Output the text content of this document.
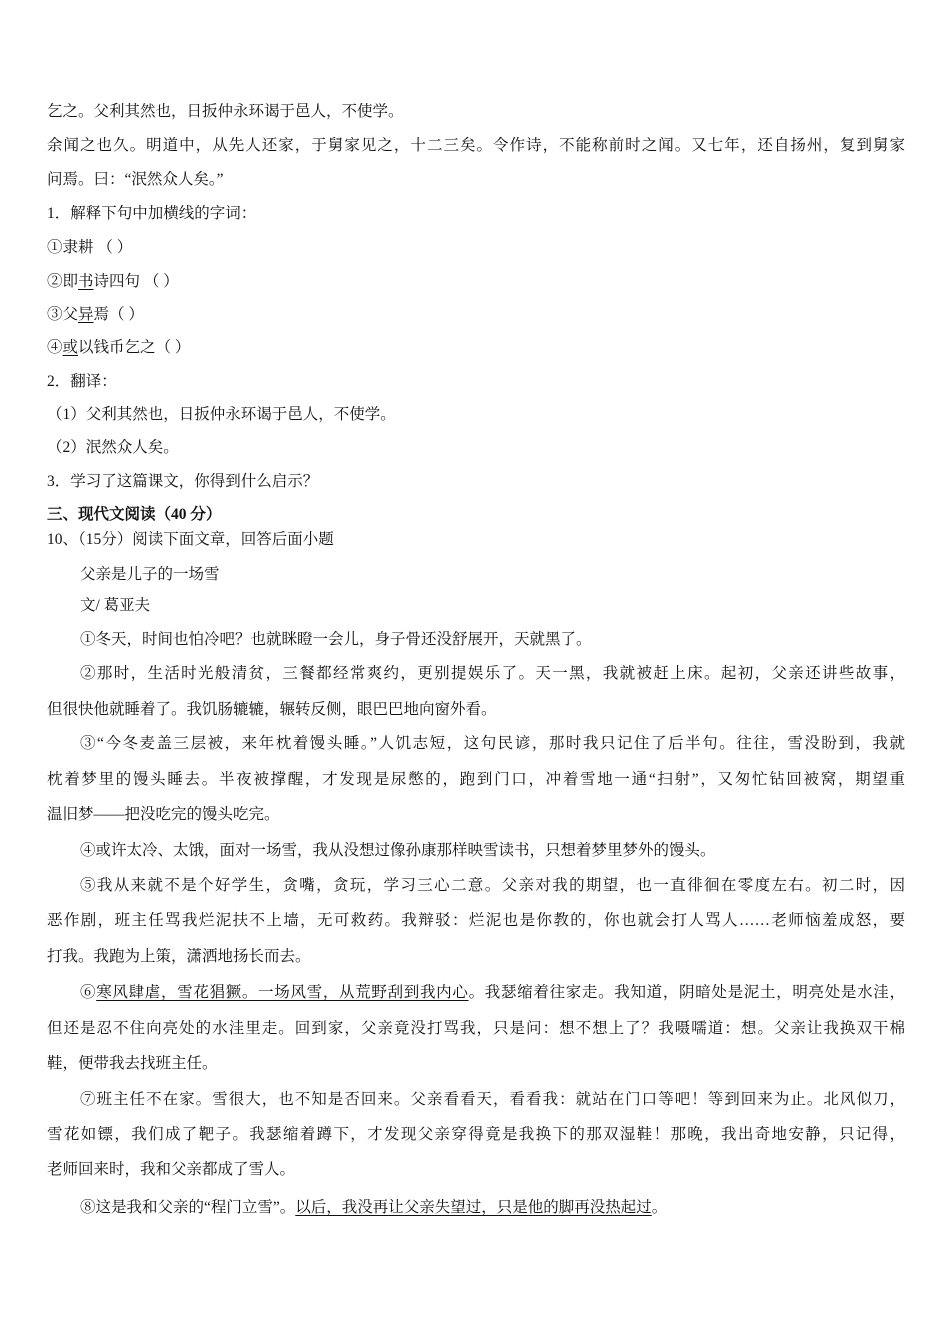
乞之。父利其然也，日扳仲永环谒于邑人，不使学。
余闻之也久。明道中，从先人还家，于舅家见之，十二三矣。令作诗，不能称前时之闻。又七年，还自扬州，复到舅家
问焉。曰：“泯然众人矣。”
1．解释下句中加横线的字词：
①隶耕 （ ）
②即书诗四句 （ ）
③父异焉（ ）
④或以钱币乞之（ ）
2．翻译：
（1）父利其然也，日扳仲永环谒于邑人，不使学。
（2）泯然众人矣。
3．学习了这篇课文，你得到什么启示？
三、现代文阅读（40 分）
10、（15分）阅读下面文章，回答后面小题
父亲是儿子的一场雪
文/ 葛亚夫
①冬天，时间也怕冷吧？也就眯瞪一会儿，身子骨还没舒展开，天就黑了。
②那时，生活时光般清贫，三餐都经常爽约，更别提娱乐了。天一黑，我就被赶上床。起初，父亲还讲些故事，
但很快他就睡着了。我饥肠辘辘，辗转反侧，眼巴巴地向窗外看。
③“今冬麦盖三层被，来年枕着馒头睡。”人饥志短，这句民谚，那时我只记住了后半句。往往，雪没盼到，我就
枕着梦里的馒头睡去。半夜被撑醒，才发现是尿憋的，跑到门口，冲着雪地一通“扫射”，又匆忙钻回被窝，期望重
温旧梦——把没吃完的馒头吃完。
④或许太冷、太饿，面对一场雪，我从没想过像孙康那样映雪读书，只想着梦里梦外的馒头。
⑤我从来就不是个好学生，贪嘴，贪玩，学习三心二意。父亲对我的期望，也一直徘徊在零度左右。初二时，因
恶作剧，班主任骂我烂泥扶不上墙，无可救药。我辩驳：烂泥也是你教的，你也就会打人骂人……老师恼羞成怒，要
打我。我跑为上策，潇洒地扬长而去。
⑥寒风肆虐，雪花猖獗。一场风雪，从荒野刮到我内心。我瑟缩着往家走。我知道，阴暗处是泥土，明亮处是水洼，
但还是忍不住向亮处的水洼里走。回到家，父亲竟没打骂我，只是问：想不想上了？我嗫嚅道：想。父亲让我换双干棉
鞋，便带我去找班主任。
⑦班主任不在家。雪很大，也不知是否回来。父亲看看天，看看我：就站在门口等吧！等到回来为止。北风似刀，
雪花如镖，我们成了靶子。我瑟缩着蹲下，才发现父亲穿得竟是我换下的那双湿鞋！那晚，我出奇地安静，只记得，
老师回来时，我和父亲都成了雪人。
⑧这是我和父亲的“程门立雪”。以后，我没再让父亲失望过，只是他的脚再没热起过。
